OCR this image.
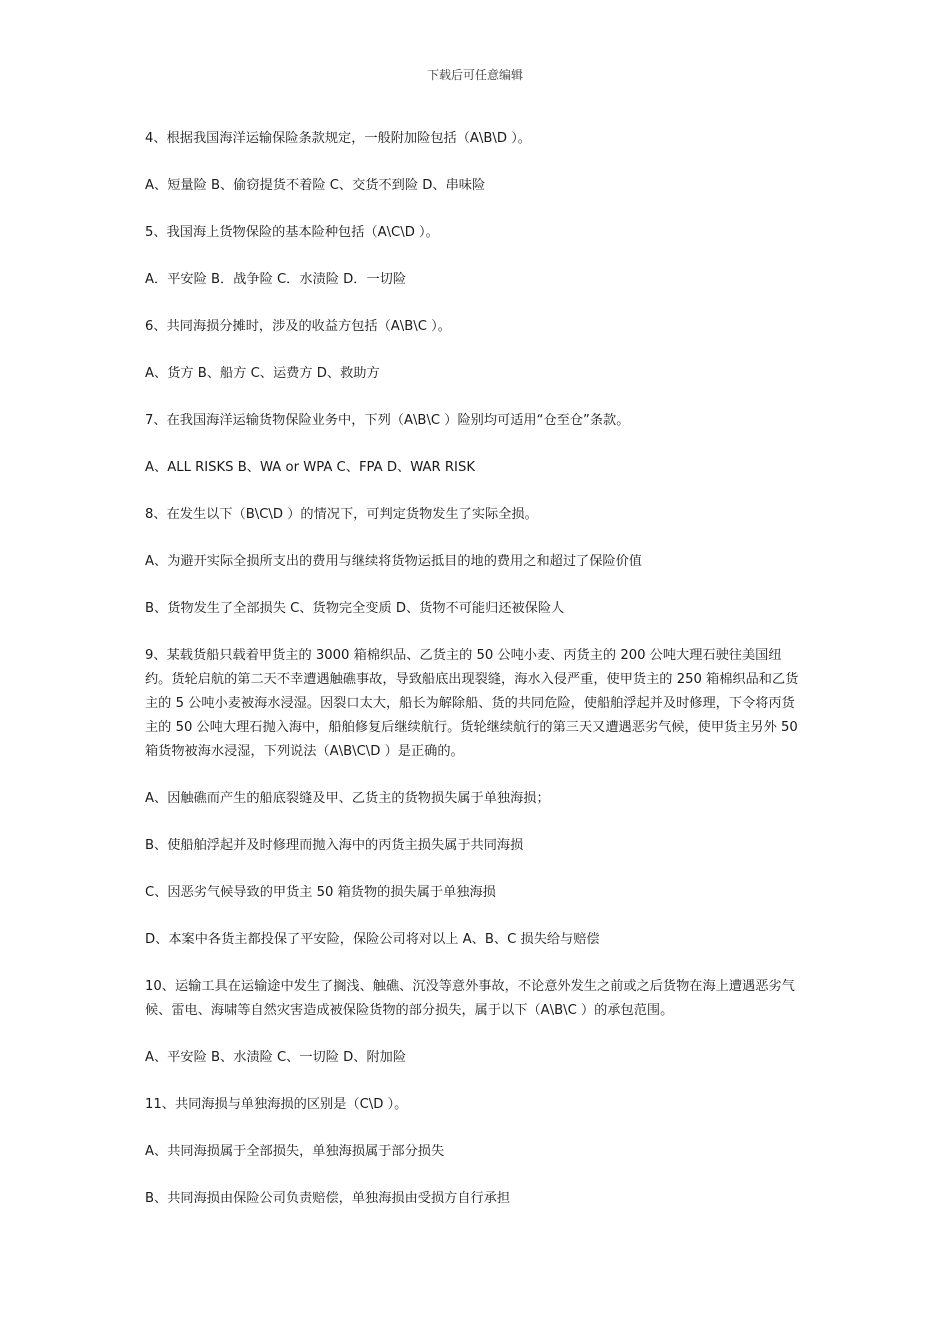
下载后可任意编辑

4、根据我国海洋运输保险条款规定，一般附加险包括（A\B\D ）。

A、短量险 B、偷窃提货不着险 C、交货不到险 D、串味险

5、我国海上货物保险的基本险种包括（A\C\D ）。

A．平安险 B．战争险 C．水渍险 D．一切险

6、共同海损分摊时，涉及的收益方包括（A\B\C ）。

A、货方 B、船方 C、运费方 D、救助方

7、在我国海洋运输货物保险业务中，下列（A\B\C ）险别均可适用“仓至仓”条款。

A、ALL RISKS B、WA or WPA C、FPA D、WAR RISK

8、在发生以下（B\C\D ）的情况下，可判定货物发生了实际全损。

A、为避开实际全损所支出的费用与继续将货物运抵目的地的费用之和超过了保险价值

B、货物发生了全部损失 C、货物完全变质 D、货物不可能归还被保险人

9、某载货船只载着甲货主的 3000 箱棉织品、乙货主的 50 公吨小麦、丙货主的 200 公吨大理石驶往美国纽约。货轮启航的第二天不幸遭遇触礁事故，导致船底出现裂缝，海水入侵严重，使甲货主的 250 箱棉织品和乙货主的 5 公吨小麦被海水浸湿。因裂口太大，船长为解除船、货的共同危险，使船舶浮起并及时修理，下令将丙货主的 50 公吨大理石抛入海中，船舶修复后继续航行。货轮继续航行的第三天又遭遇恶劣气候，使甲货主另外 50 箱货物被海水浸湿，下列说法（A\B\C\D ）是正确的。

A、因触礁而产生的船底裂缝及甲、乙货主的货物损失属于单独海损；

B、使船舶浮起并及时修理而抛入海中的丙货主损失属于共同海损

C、因恶劣气候导致的甲货主 50 箱货物的损失属于单独海损

D、本案中各货主都投保了平安险，保险公司将对以上 A、B、C 损失给与赔偿

10、运输工具在运输途中发生了搁浅、触礁、沉没等意外事故，不论意外发生之前或之后货物在海上遭遇恶劣气候、雷电、海啸等自然灾害造成被保险货物的部分损失，属于以下（A\B\C ）的承包范围。

A、平安险 B、水渍险 C、一切险 D、附加险

11、共同海损与单独海损的区别是（C\D ）。

A、共同海损属于全部损失，单独海损属于部分损失

B、共同海损由保险公司负责赔偿，单独海损由受损方自行承担
